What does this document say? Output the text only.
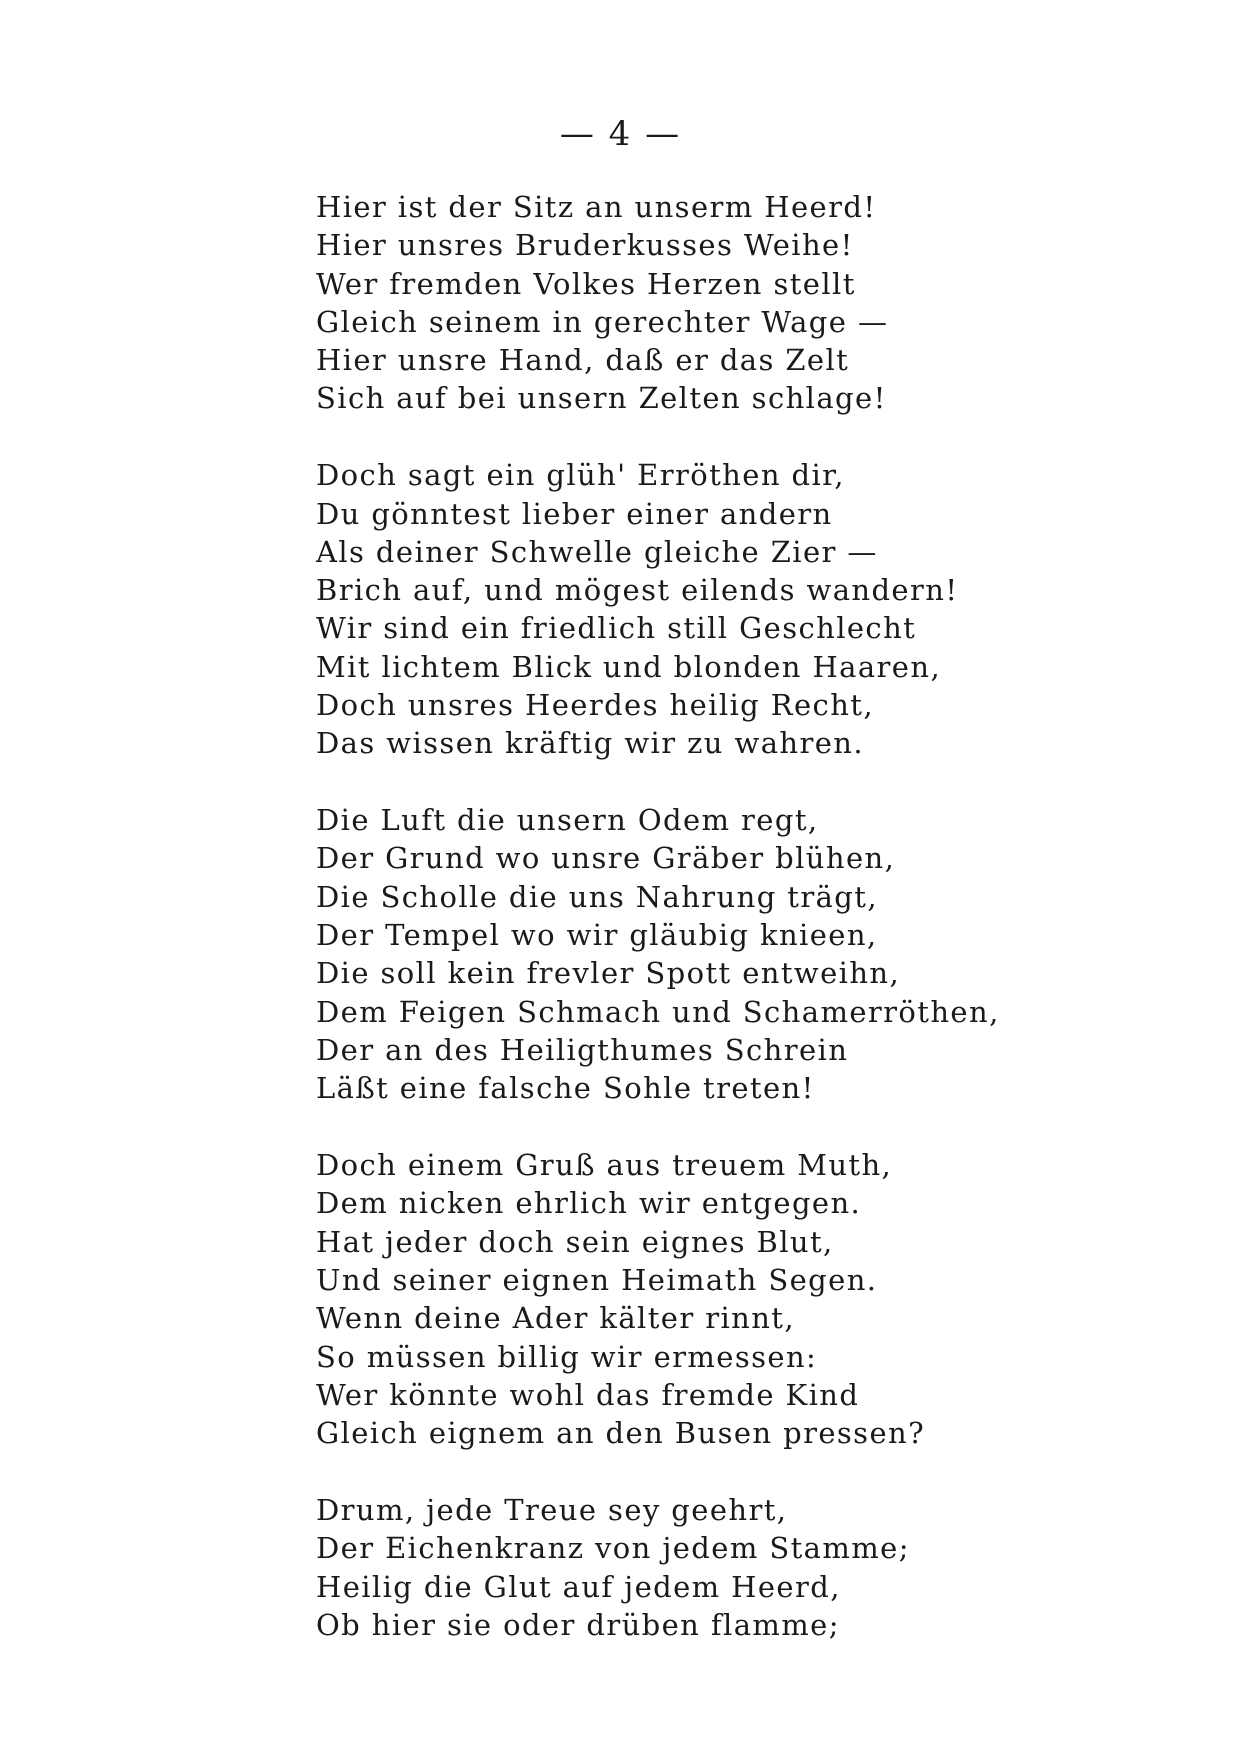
— 4 —
Hier ist der Sitz an unserm Heerd!
Hier unsres Bruderkusses Weihe!
Wer fremden Volkes Herzen stellt
Gleich seinem in gerechter Wage —
Hier unsre Hand, daß er das Zelt
Sich auf bei unsern Zelten schlage!
Doch sagt ein glüh' Erröthen dir,
Du gönntest lieber einer andern
Als deiner Schwelle gleiche Zier —
Brich auf, und mögest eilends wandern!
Wir sind ein friedlich still Geschlecht
Mit lichtem Blick und blonden Haaren,
Doch unsres Heerdes heilig Recht,
Das wissen kräftig wir zu wahren.
Die Luft die unsern Odem regt,
Der Grund wo unsre Gräber blühen,
Die Scholle die uns Nahrung trägt,
Der Tempel wo wir gläubig knieen,
Die soll kein frevler Spott entweihn,
Dem Feigen Schmach und Schamerröthen,
Der an des Heiligthumes Schrein
Läßt eine falsche Sohle treten!
Doch einem Gruß aus treuem Muth,
Dem nicken ehrlich wir entgegen.
Hat jeder doch sein eignes Blut,
Und seiner eignen Heimath Segen.
Wenn deine Ader kälter rinnt,
So müssen billig wir ermessen:
Wer könnte wohl das fremde Kind
Gleich eignem an den Busen pressen?
Drum, jede Treue sey geehrt,
Der Eichenkranz von jedem Stamme;
Heilig die Glut auf jedem Heerd,
Ob hier sie oder drüben flamme;
